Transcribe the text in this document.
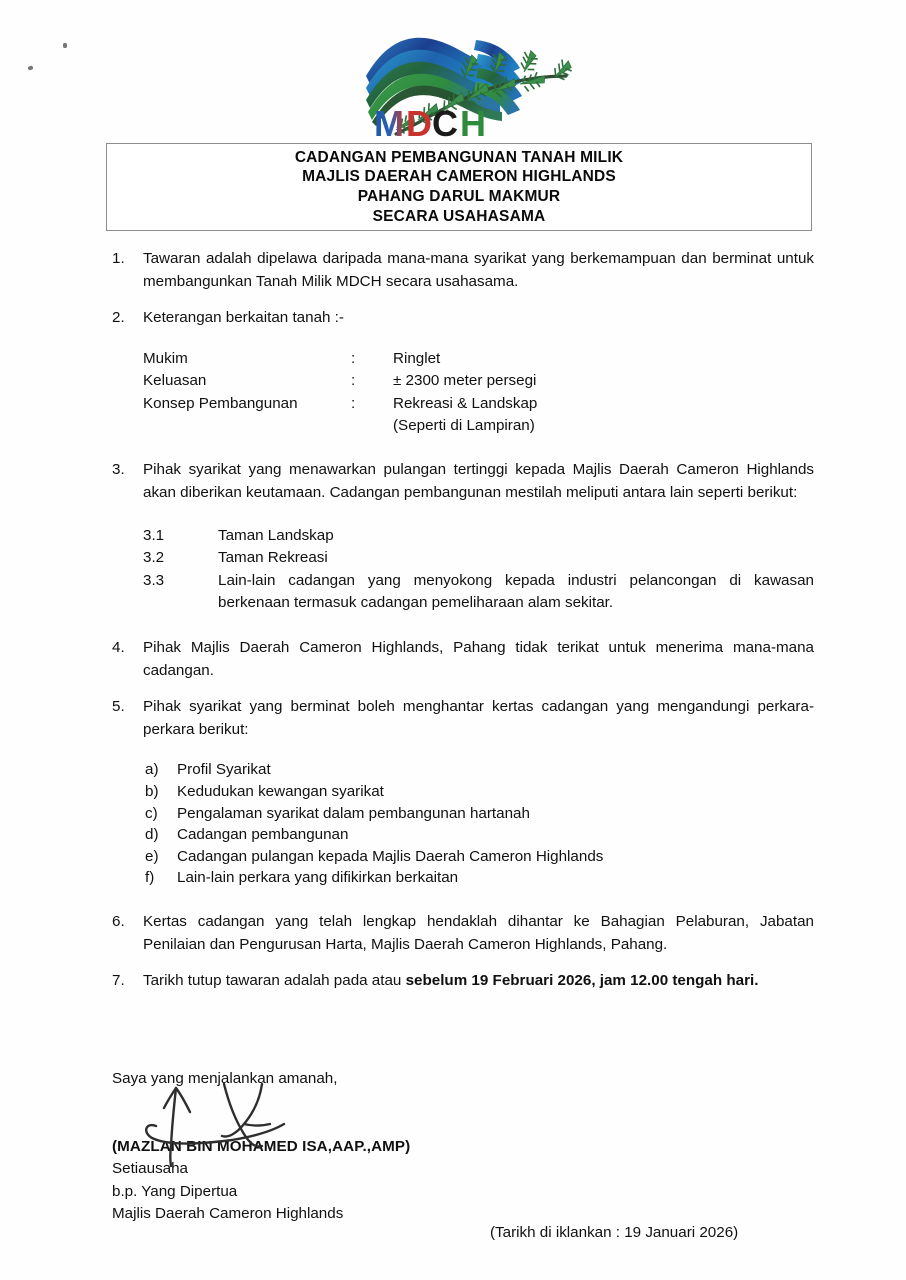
M D C H
CADANGAN PEMBANGUNAN TANAH MILIK
MAJLIS DAERAH CAMERON HIGHLANDS
PAHANG DARUL MAKMUR
SECARA USAHASAMA
1.	Tawaran adalah dipelawa daripada mana-mana syarikat yang berkemampuan dan berminat untuk membangunkan Tanah Milik MDCH secara usahasama.
2.	Keterangan berkaitan tanah :-
Mukim	:	Ringlet
Keluasan	:	± 2300 meter persegi
Konsep Pembangunan	:	Rekreasi & Landskap
(Seperti di Lampiran)
3.	Pihak syarikat yang menawarkan pulangan tertinggi kepada Majlis Daerah Cameron Highlands akan diberikan keutamaan. Cadangan pembangunan mestilah meliputi antara lain seperti berikut:
3.1	Taman Landskap
3.2	Taman Rekreasi
3.3	Lain-lain cadangan yang menyokong kepada industri pelancongan di kawasan berkenaan termasuk cadangan pemeliharaan alam sekitar.
4.	Pihak Majlis Daerah Cameron Highlands, Pahang tidak terikat untuk menerima mana-mana cadangan.
5.	Pihak syarikat yang berminat boleh menghantar kertas cadangan yang mengandungi perkara-perkara berikut:
a)	Profil Syarikat
b)	Kedudukan kewangan syarikat
c)	Pengalaman syarikat dalam pembangunan hartanah
d)	Cadangan pembangunan
e)	Cadangan pulangan kepada Majlis Daerah Cameron Highlands
f)	Lain-lain perkara yang difikirkan berkaitan
6.	Kertas cadangan yang telah lengkap hendaklah dihantar ke Bahagian Pelaburan, Jabatan Penilaian dan Pengurusan Harta, Majlis Daerah Cameron Highlands, Pahang.
7.	Tarikh tutup tawaran adalah pada atau sebelum 19 Februari 2026, jam 12.00 tengah hari.
Saya yang menjalankan amanah,
(MAZLAN BIN MOHAMED ISA,AAP.,AMP)
Setiausaha
b.p. Yang Dipertua
Majlis Daerah Cameron Highlands
(Tarikh di iklankan : 19 Januari 2026)
